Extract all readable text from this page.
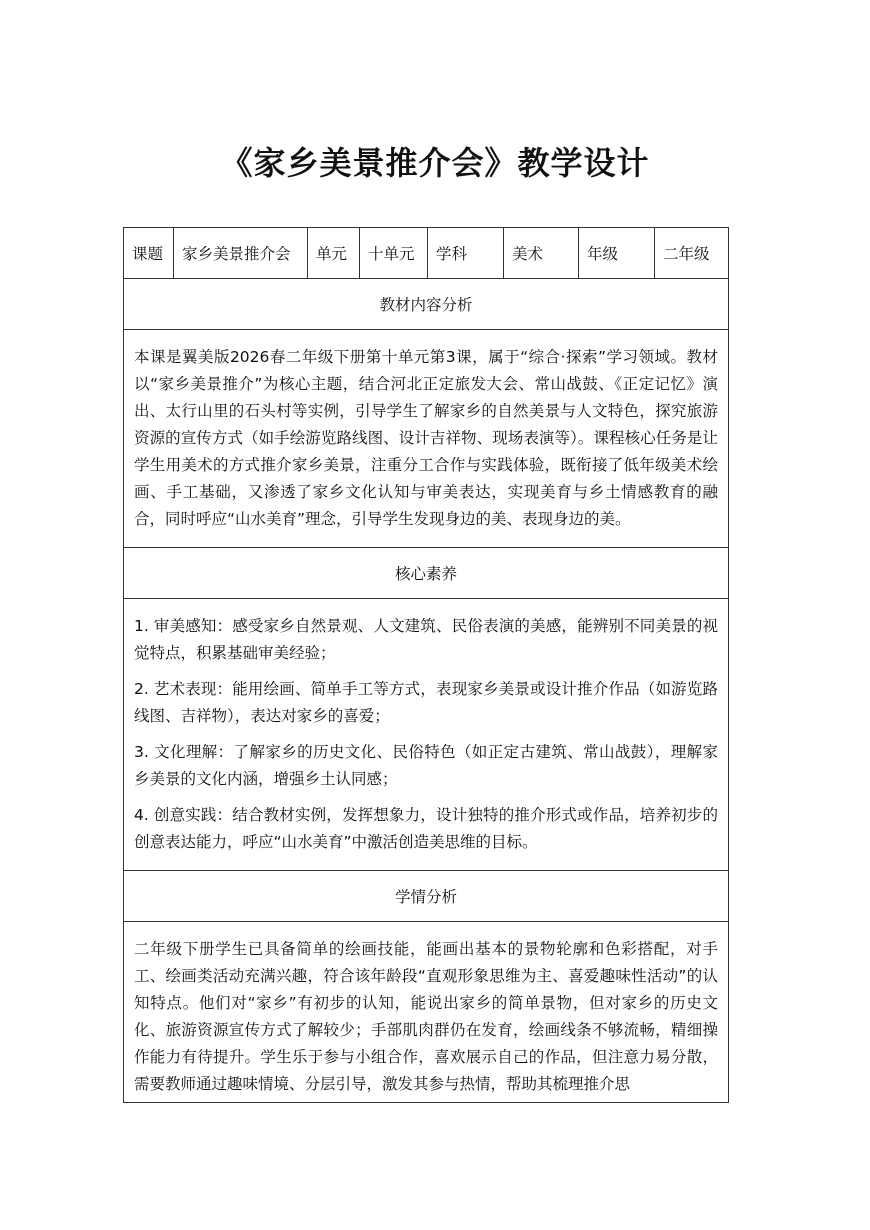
《家乡美景推介会》教学设计
课题	家乡美景推介会	单元	十单元	学科	美术	年级	二年级
教材内容分析

本课是翼美版2026春二年级下册第十单元第3课，属于“综合·探索”学习领域。教材以“家乡美景推介”为核心主题，结合河北正定旅发大会、常山战鼓、《正定记忆》演出、太行山里的石头村等实例，引导学生了解家乡的自然美景与人文特色，探究旅游资源的宣传方式（如手绘游览路线图、设计吉祥物、现场表演等）。课程核心任务是让学生用美术的方式推介家乡美景，注重分工合作与实践体验，既衔接了低年级美术绘画、手工基础，又渗透了家乡文化认知与审美表达，实现美育与乡土情感教育的融合，同时呼应“山水美育”理念，引导学生发现身边的美、表现身边的美。

核心素养

1. 审美感知：感受家乡自然景观、人文建筑、民俗表演的美感，能辨别不同美景的视觉特点，积累基础审美经验；

2. 艺术表现：能用绘画、简单手工等方式，表现家乡美景或设计推介作品（如游览路线图、吉祥物），表达对家乡的喜爱；

3. 文化理解：了解家乡的历史文化、民俗特色（如正定古建筑、常山战鼓），理解家乡美景的文化内涵，增强乡土认同感；

4. 创意实践：结合教材实例，发挥想象力，设计独特的推介形式或作品，培养初步的创意表达能力，呼应“山水美育”中激活创造美思维的目标。

学情分析

二年级下册学生已具备简单的绘画技能，能画出基本的景物轮廓和色彩搭配，对手工、绘画类活动充满兴趣，符合该年龄段“直观形象思维为主、喜爱趣味性活动”的认知特点。他们对“家乡”有初步的认知，能说出家乡的简单景物，但对家乡的历史文化、旅游资源宣传方式了解较少；手部肌肉群仍在发育，绘画线条不够流畅，精细操作能力有待提升。学生乐于参与小组合作，喜欢展示自己的作品，但注意力易分散，需要教师通过趣味情境、分层引导，激发其参与热情，帮助其梳理推介思
